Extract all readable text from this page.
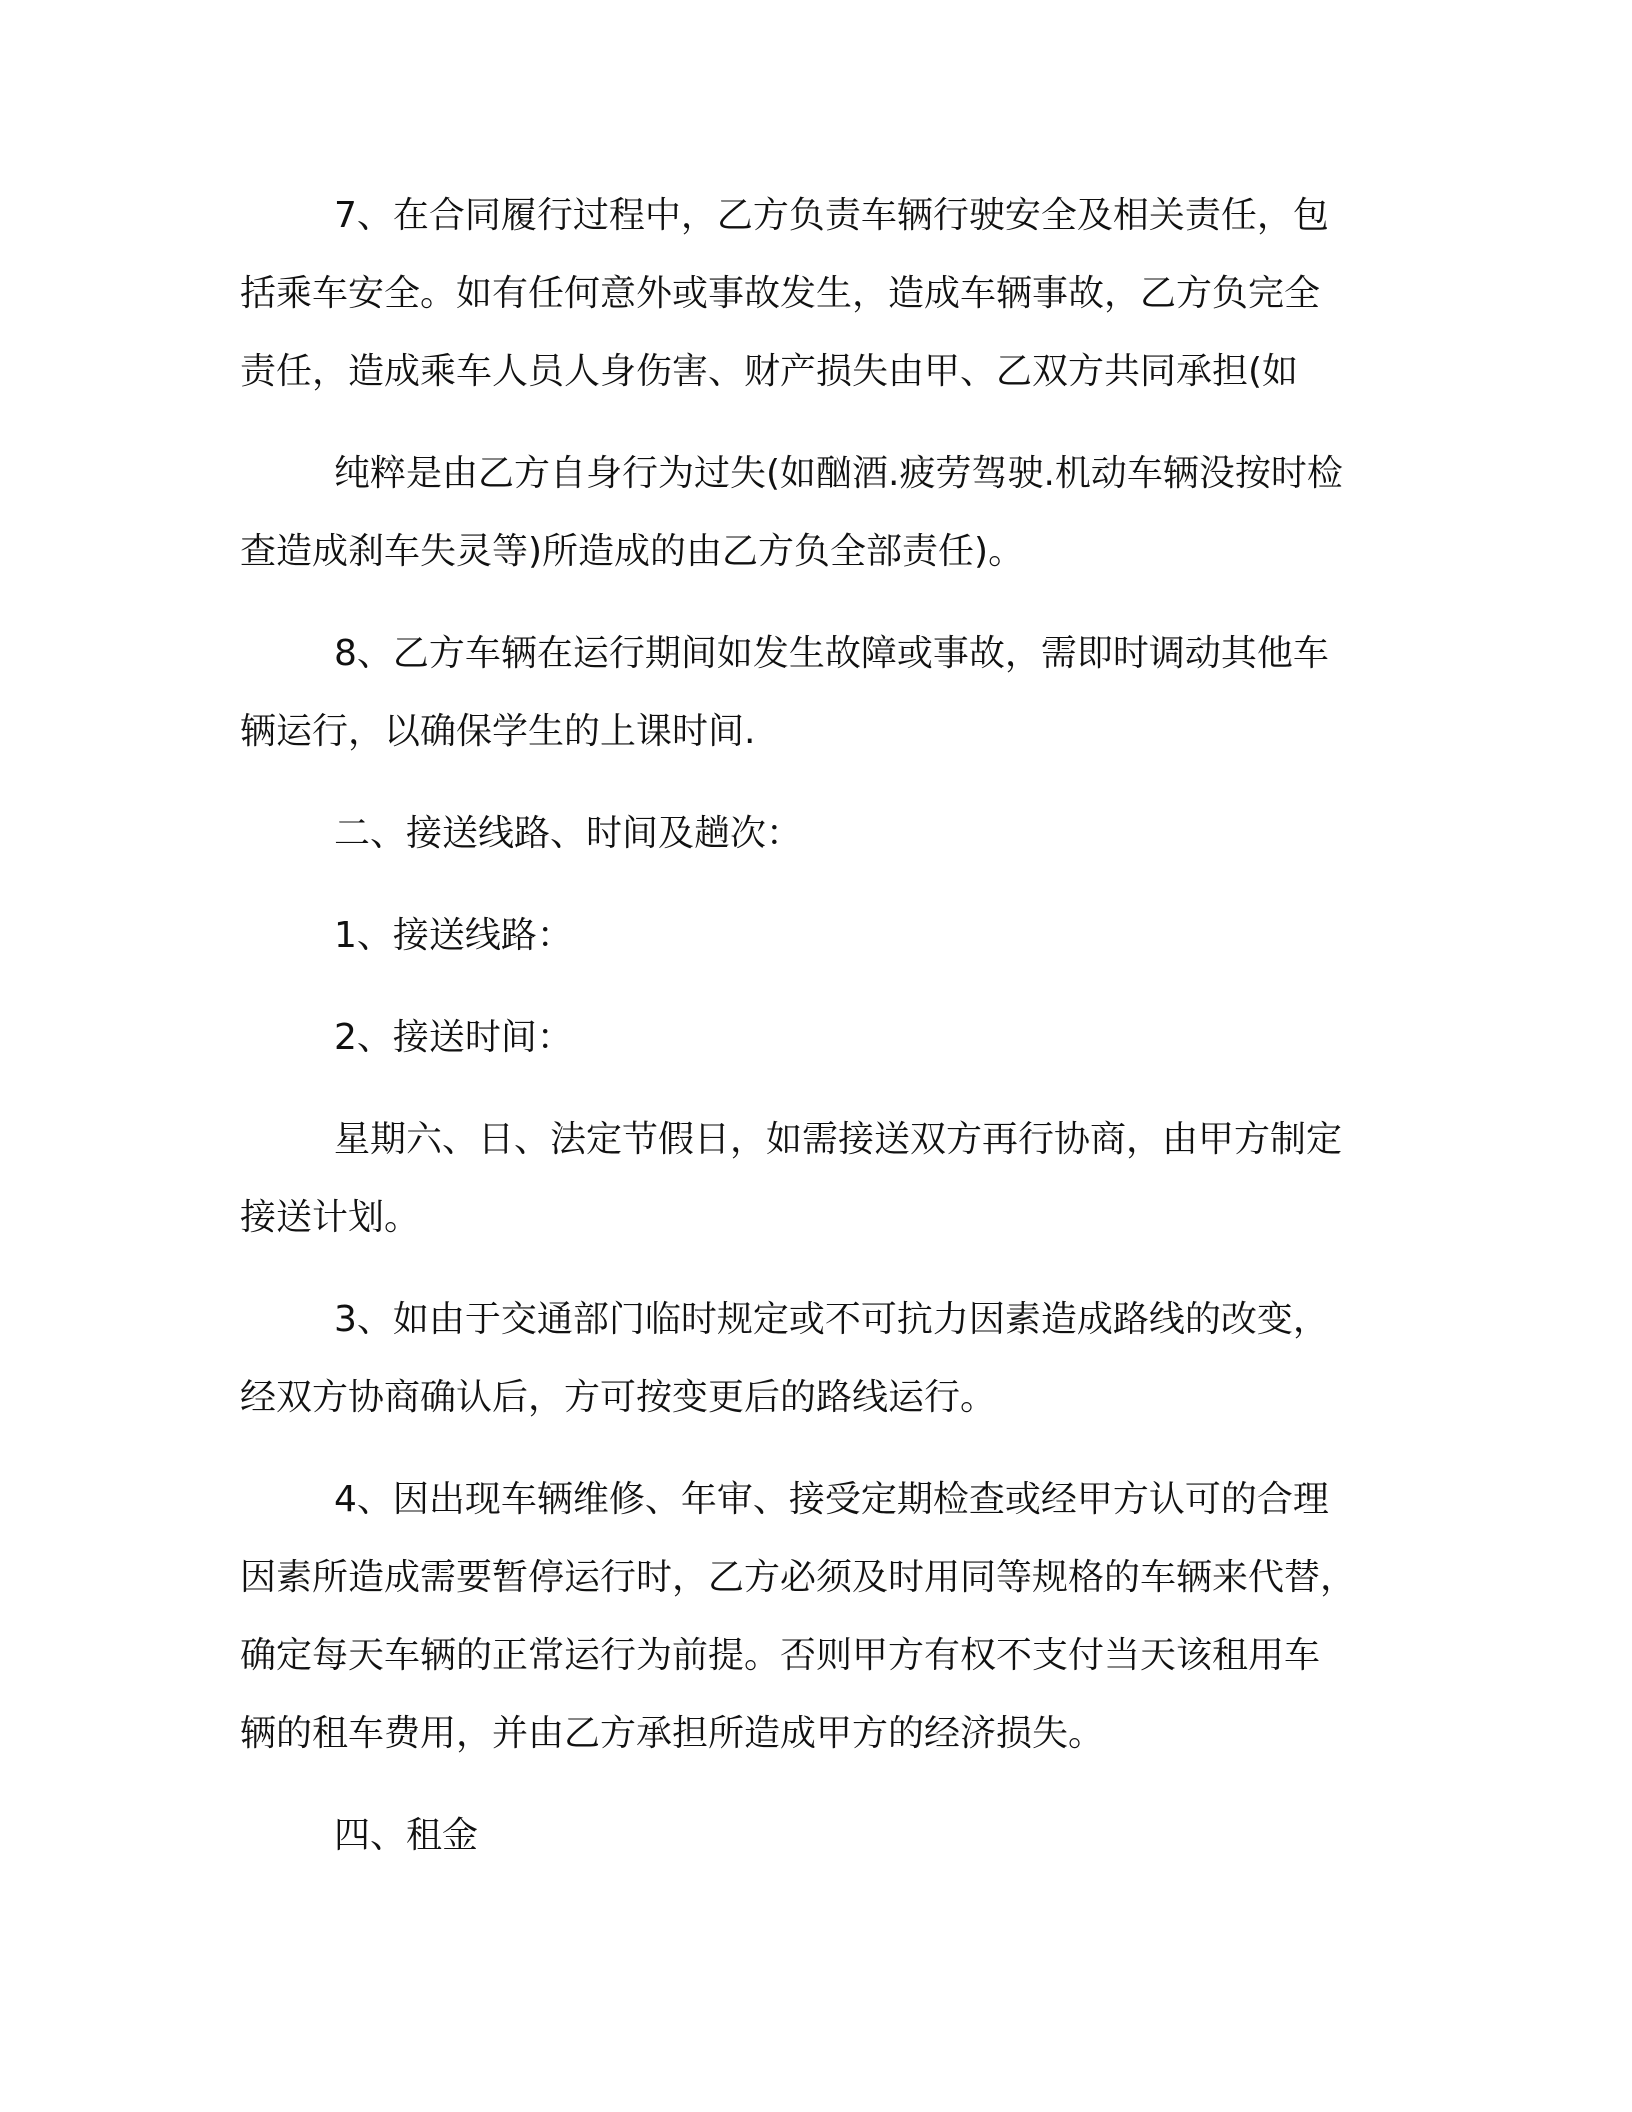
7、在合同履行过程中，乙方负责车辆行驶安全及相关责任，包
括乘车安全。如有任何意外或事故发生，造成车辆事故，乙方负完全
责任，造成乘车人员人身伤害、财产损失由甲、乙双方共同承担(如
纯粹是由乙方自身行为过失(如酗酒.疲劳驾驶.机动车辆没按时检
查造成刹车失灵等)所造成的由乙方负全部责任)。
8、乙方车辆在运行期间如发生故障或事故，需即时调动其他车
辆运行，以确保学生的上课时间.
二、接送线路、时间及趟次：
1、接送线路：
2、接送时间：
星期六、日、法定节假日，如需接送双方再行协商，由甲方制定
接送计划。
3、如由于交通部门临时规定或不可抗力因素造成路线的改变，
经双方协商确认后，方可按变更后的路线运行。
4、因出现车辆维修、年审、接受定期检查或经甲方认可的合理
因素所造成需要暂停运行时，乙方必须及时用同等规格的车辆来代替，
确定每天车辆的正常运行为前提。否则甲方有权不支付当天该租用车
辆的租车费用，并由乙方承担所造成甲方的经济损失。
四、租金
